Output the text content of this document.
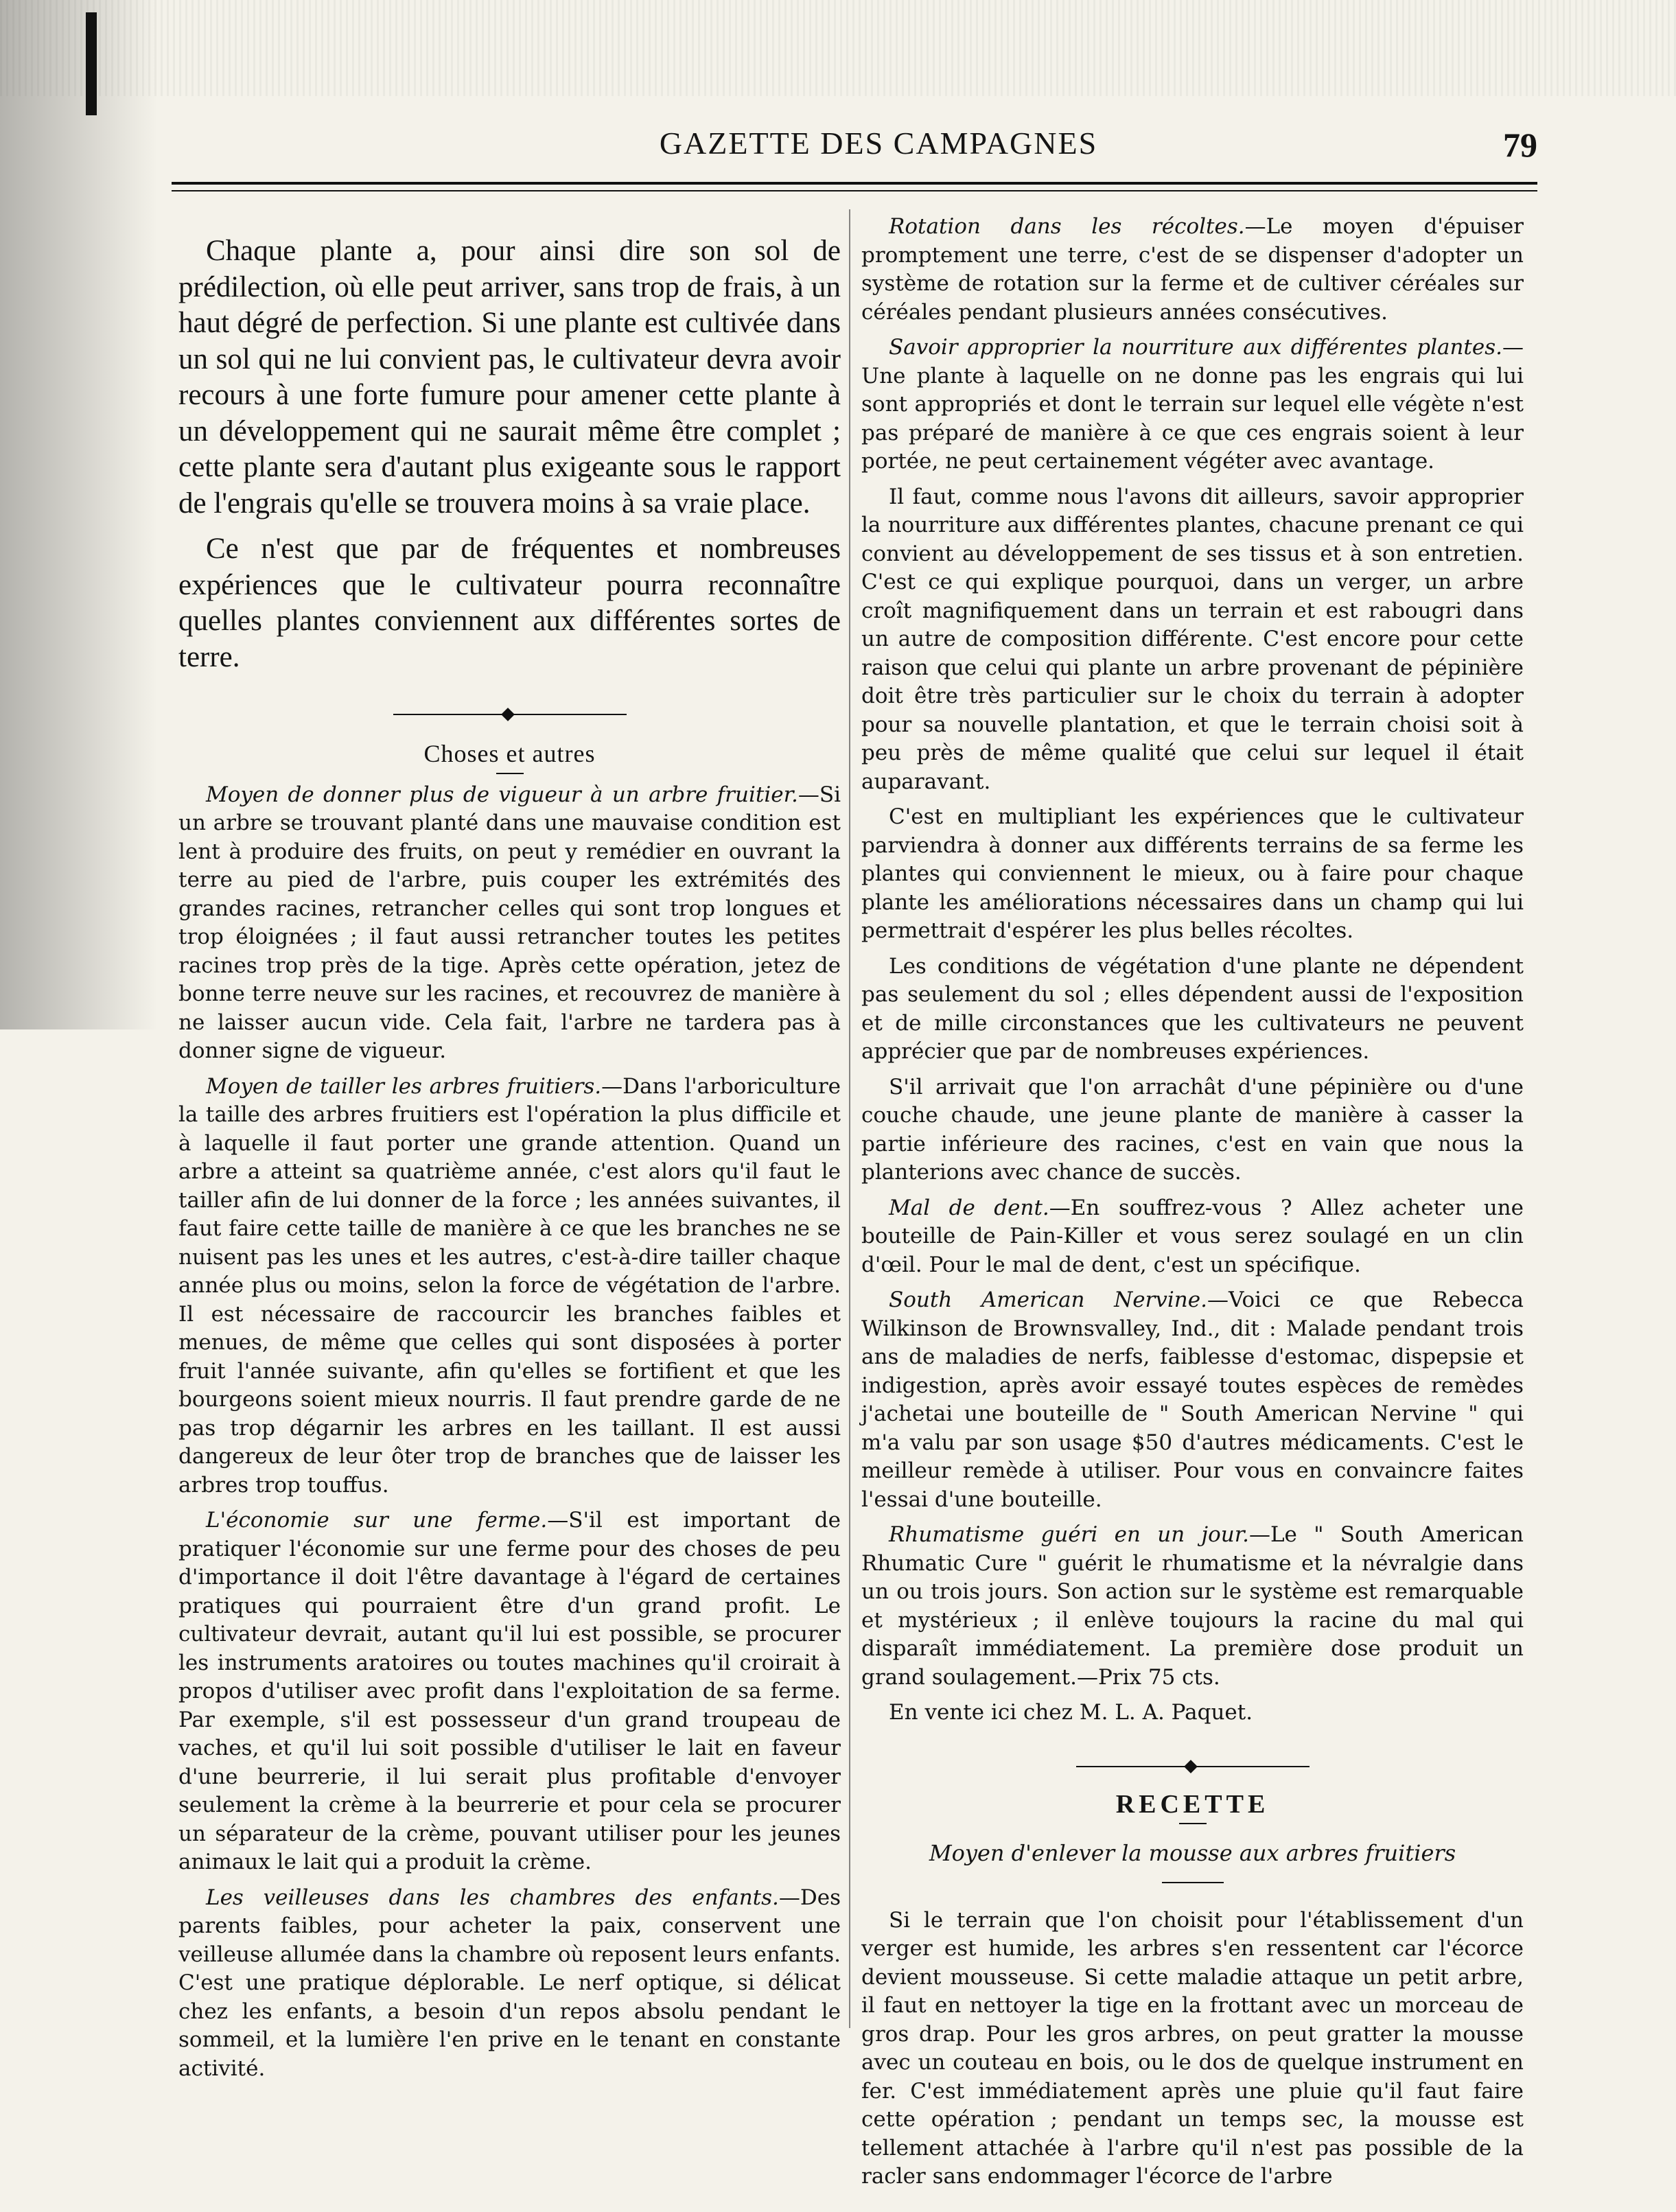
GAZETTE DES CAMPAGNES	79

Chaque plante a, pour ainsi dire son sol de prédilection, où elle peut arriver, sans trop de frais, à un haut dégré de perfection. Si une plante est cultivée dans un sol qui ne lui convient pas, le cultivateur devra avoir recours à une forte fumure pour amener cette plante à un développement qui ne saurait même être complet ; cette plante sera d'autant plus exigeante sous le rapport de l'engrais qu'elle se trouvera moins à sa vraie place.

Ce n'est que par de fréquentes et nombreuses expériences que le cultivateur pourra reconnaître quelles plantes conviennent aux différentes sortes de terre.

Choses et autres

Moyen de donner plus de vigueur à un arbre fruitier.—Si un arbre se trouvant planté dans une mauvaise condition est lent à produire des fruits, on peut y remédier en ouvrant la terre au pied de l'arbre, puis couper les extrémités des grandes racines, retrancher celles qui sont trop longues et trop éloignées ; il faut aussi retrancher toutes les petites racines trop près de la tige. Après cette opération, jetez de bonne terre neuve sur les racines, et recouvrez de manière à ne laisser aucun vide. Cela fait, l'arbre ne tardera pas à donner signe de vigueur.

Moyen de tailler les arbres fruitiers.—Dans l'arboriculture la taille des arbres fruitiers est l'opération la plus difficile et à laquelle il faut porter une grande attention. Quand un arbre a atteint sa quatrième année, c'est alors qu'il faut le tailler afin de lui donner de la force ; les années suivantes, il faut faire cette taille de manière à ce que les branches ne se nuisent pas les unes et les autres, c'est-à-dire tailler chaque année plus ou moins, selon la force de végétation de l'arbre. Il est nécessaire de raccourcir les branches faibles et menues, de même que celles qui sont disposées à porter fruit l'année suivante, afin qu'elles se fortifient et que les bourgeons soient mieux nourris. Il faut prendre garde de ne pas trop dégarnir les arbres en les taillant. Il est aussi dangereux de leur ôter trop de branches que de laisser les arbres trop touffus.

L'économie sur une ferme.—S'il est important de pratiquer l'économie sur une ferme pour des choses de peu d'importance il doit l'être davantage à l'égard de certaines pratiques qui pourraient être d'un grand profit. Le cultivateur devrait, autant qu'il lui est possible, se procurer les instruments aratoires ou toutes machines qu'il croirait à propos d'utiliser avec profit dans l'exploitation de sa ferme. Par exemple, s'il est possesseur d'un grand troupeau de vaches, et qu'il lui soit possible d'utiliser le lait en faveur d'une beurrerie, il lui serait plus profitable d'envoyer seulement la crème à la beurrerie et pour cela se procurer un séparateur de la crème, pouvant utiliser pour les jeunes animaux le lait qui a produit la crème.

Les veilleuses dans les chambres des enfants.—Des parents faibles, pour acheter la paix, conservent une veilleuse allumée dans la chambre où reposent leurs enfants. C'est une pratique déplorable. Le nerf optique, si délicat chez les enfants, a besoin d'un repos absolu pendant le sommeil, et la lumière l'en prive en le tenant en constante activité.

Rotation dans les récoltes.—Le moyen d'épuiser promptement une terre, c'est de se dispenser d'adopter un système de rotation sur la ferme et de cultiver céréales sur céréales pendant plusieurs années consécutives.

Savoir approprier la nourriture aux différentes plantes.—Une plante à laquelle on ne donne pas les engrais qui lui sont appropriés et dont le terrain sur lequel elle végète n'est pas préparé de manière à ce que ces engrais soient à leur portée, ne peut certainement végéter avec avantage.

Il faut, comme nous l'avons dit ailleurs, savoir approprier la nourriture aux différentes plantes, chacune prenant ce qui convient au développement de ses tissus et à son entretien. C'est ce qui explique pourquoi, dans un verger, un arbre croît magnifiquement dans un terrain et est rabougri dans un autre de composition différente. C'est encore pour cette raison que celui qui plante un arbre provenant de pépinière doit être très particulier sur le choix du terrain à adopter pour sa nouvelle plantation, et que le terrain choisi soit à peu près de même qualité que celui sur lequel il était auparavant.

C'est en multipliant les expériences que le cultivateur parviendra à donner aux différents terrains de sa ferme les plantes qui conviennent le mieux, ou à faire pour chaque plante les améliorations nécessaires dans un champ qui lui permettrait d'espérer les plus belles récoltes.

Les conditions de végétation d'une plante ne dépendent pas seulement du sol ; elles dépendent aussi de l'exposition et de mille circonstances que les cultivateurs ne peuvent apprécier que par de nombreuses expériences.

S'il arrivait que l'on arrachât d'une pépinière ou d'une couche chaude, une jeune plante de manière à casser la partie inférieure des racines, c'est en vain que nous la planterions avec chance de succès.

Mal de dent.—En souffrez-vous ? Allez acheter une bouteille de Pain-Killer et vous serez soulagé en un clin d'œil. Pour le mal de dent, c'est un spécifique.

South American Nervine.—Voici ce que Rebecca Wilkinson de Brownsvalley, Ind., dit : Malade pendant trois ans de maladies de nerfs, faiblesse d'estomac, dispepsie et indigestion, après avoir essayé toutes espèces de remèdes j'achetai une bouteille de " South American Nervine " qui m'a valu par son usage $50 d'autres médicaments. C'est le meilleur remède à utiliser. Pour vous en convaincre faites l'essai d'une bouteille.

Rhumatisme guéri en un jour.—Le " South American Rhumatic Cure " guérit le rhumatisme et la névralgie dans un ou trois jours. Son action sur le système est remarquable et mystérieux ; il enlève toujours la racine du mal qui disparaît immédiatement. La première dose produit un grand soulagement.—Prix 75 cts.

En vente ici chez M. L. A. Paquet.

RECETTE
Moyen d'enlever la mousse aux arbres fruitiers

Si le terrain que l'on choisit pour l'établissement d'un verger est humide, les arbres s'en ressentent car l'écorce devient mousseuse. Si cette maladie attaque un petit arbre, il faut en nettoyer la tige en la frottant avec un morceau de gros drap. Pour les gros arbres, on peut gratter la mousse avec un couteau en bois, ou le dos de quelque instrument en fer. C'est immédiatement après une pluie qu'il faut faire cette opération ; pendant un temps sec, la mousse est tellement attachée à l'arbre qu'il n'est pas possible de la racler sans endommager l'écorce de l'arbre
